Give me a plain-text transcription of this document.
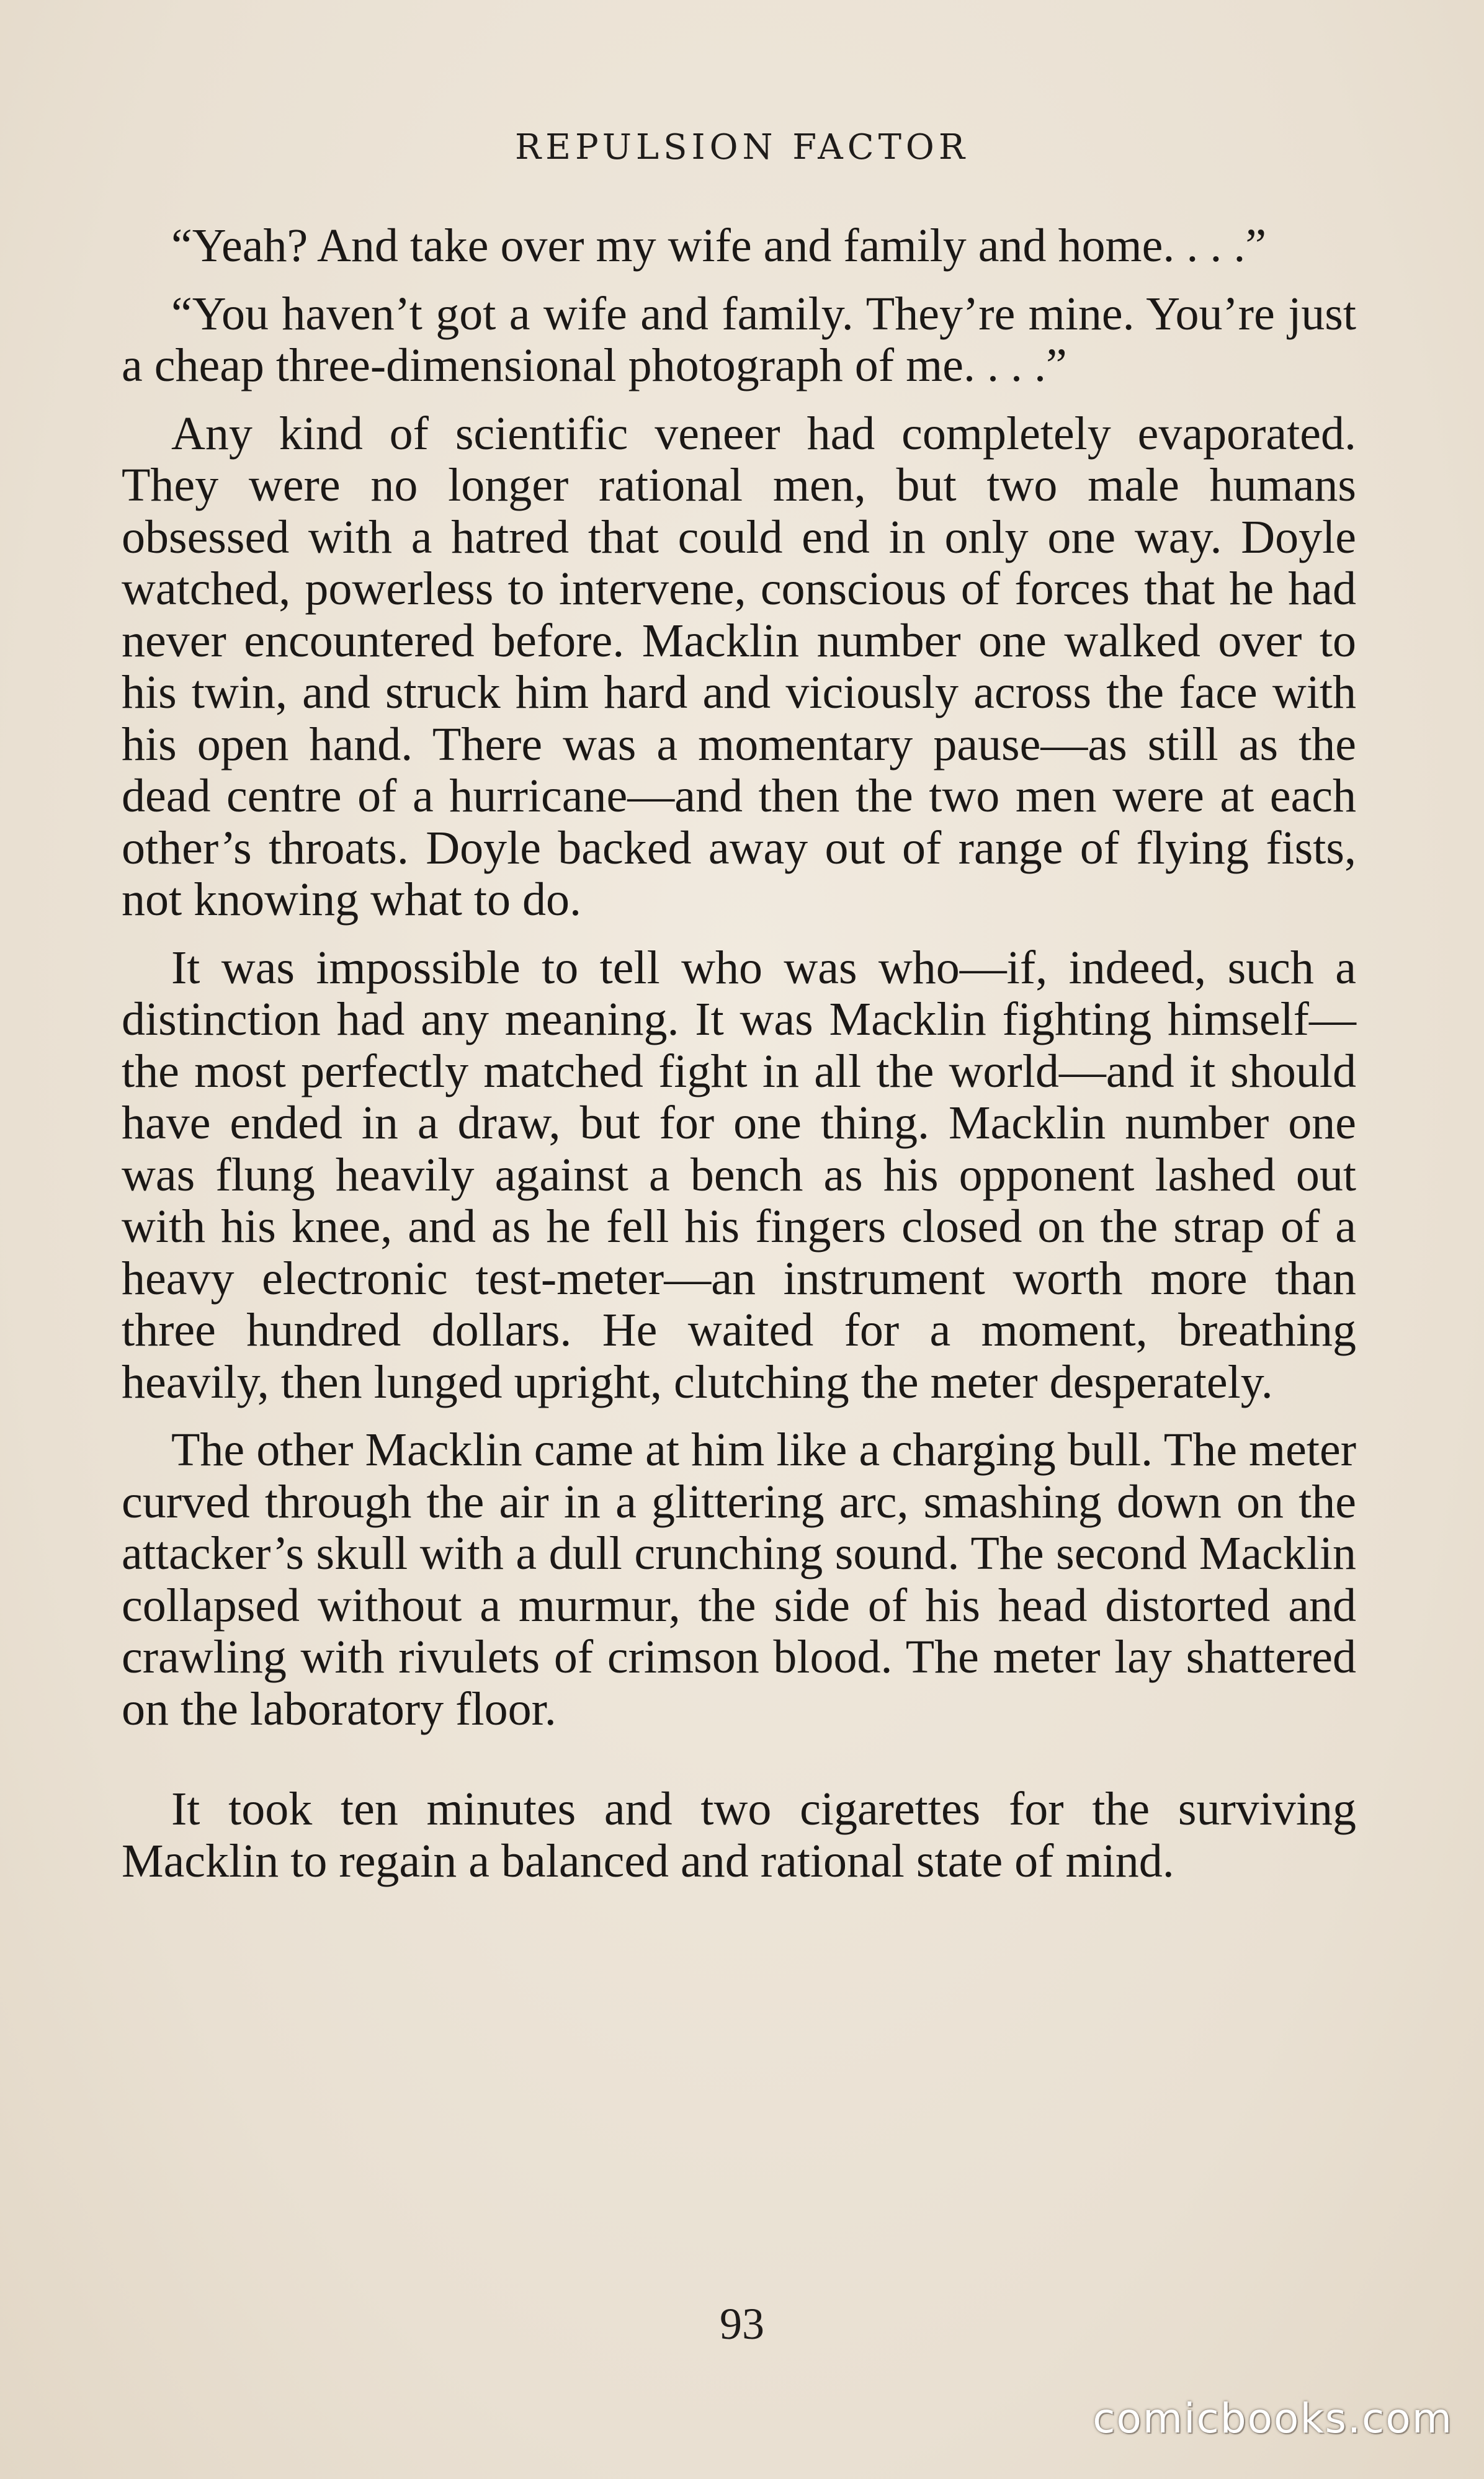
REPULSION FACTOR

“Yeah? And take over my wife and family and home. . . .”

“You haven’t got a wife and family. They’re mine. You’re just a cheap three-dimensional photograph of me. . . .”

Any kind of scientific veneer had completely evaporated. They were no longer rational men, but two male humans obsessed with a hatred that could end in only one way. Doyle watched, powerless to intervene, conscious of forces that he had never encountered before. Macklin number one walked over to his twin, and struck him hard and viciously across the face with his open hand. There was a momentary pause—as still as the dead centre of a hurricane—and then the two men were at each other’s throats. Doyle backed away out of range of flying fists, not knowing what to do.

It was impossible to tell who was who—if, indeed, such a distinction had any meaning. It was Macklin fighting himself—the most perfectly matched fight in all the world—and it should have ended in a draw, but for one thing. Macklin number one was flung heavily against a bench as his opponent lashed out with his knee, and as he fell his fingers closed on the strap of a heavy electronic test-meter—an instrument worth more than three hundred dollars. He waited for a moment, breathing heavily, then lunged upright, clutching the meter desperately.

The other Macklin came at him like a charging bull. The meter curved through the air in a glittering arc, smashing down on the attacker’s skull with a dull crunching sound. The second Macklin collapsed without a murmur, the side of his head distorted and crawling with rivulets of crimson blood. The meter lay shattered on the laboratory floor.

It took ten minutes and two cigarettes for the surviving Macklin to regain a balanced and rational state of mind.

93
comicbooks.com
